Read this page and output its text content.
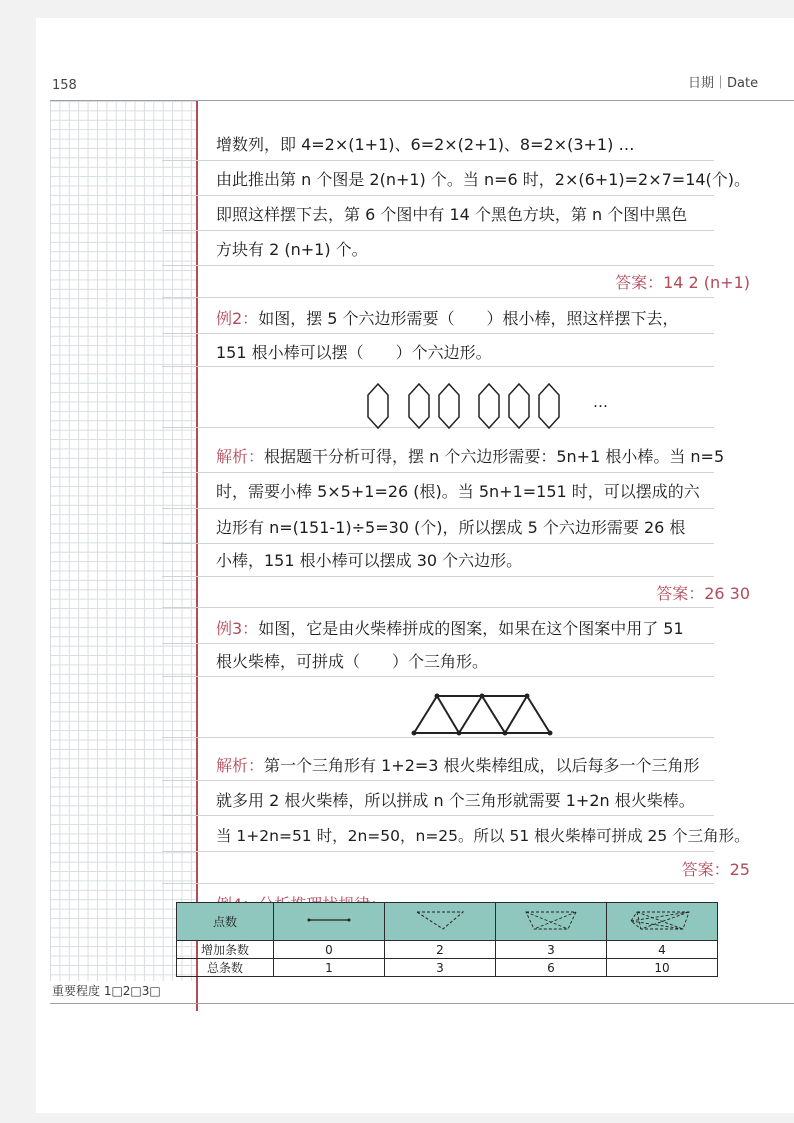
158	日期｜Date
增数列，即 4=2×(1+1)、6=2×(2+1)、8=2×(3+1) …
由此推出第 n 个图是 2(n+1) 个。当 n=6 时，2×(6+1)=2×7=14(个)。
即照这样摆下去，第 6 个图中有 14 个黑色方块，第 n 个图中黑色
方块有 2 (n+1) 个。
答案：14 2 (n+1)
例2：如图，摆 5 个六边形需要（　　）根小棒，照这样摆下去，
151 根小棒可以摆（　　）个六边形。
…
解析：根据题干分析可得，摆 n 个六边形需要：5n+1 根小棒。当 n=5
时，需要小棒 5×5+1=26 (根)。当 5n+1=151 时，可以摆成的六
边形有 n=(151-1)÷5=30 (个)，所以摆成 5 个六边形需要 26 根
小棒，151 根小棒可以摆成 30 个六边形。
答案：26 30
例3：如图，它是由火柴棒拼成的图案，如果在这个图案中用了 51
根火柴棒，可拼成（　　）个三角形。
解析：第一个三角形有 1+2=3 根火柴棒组成，以后每多一个三角形
就多用 2 根火柴棒，所以拼成 n 个三角形就需要 1+2n 根火柴棒。
当 1+2n=51 时，2n=50，n=25。所以 51 根火柴棒可拼成 25 个三角形。
答案：25
点数				
增加条数	0	2	3	4
总条数	1	3	6	10
重要程度 1□2□3□
